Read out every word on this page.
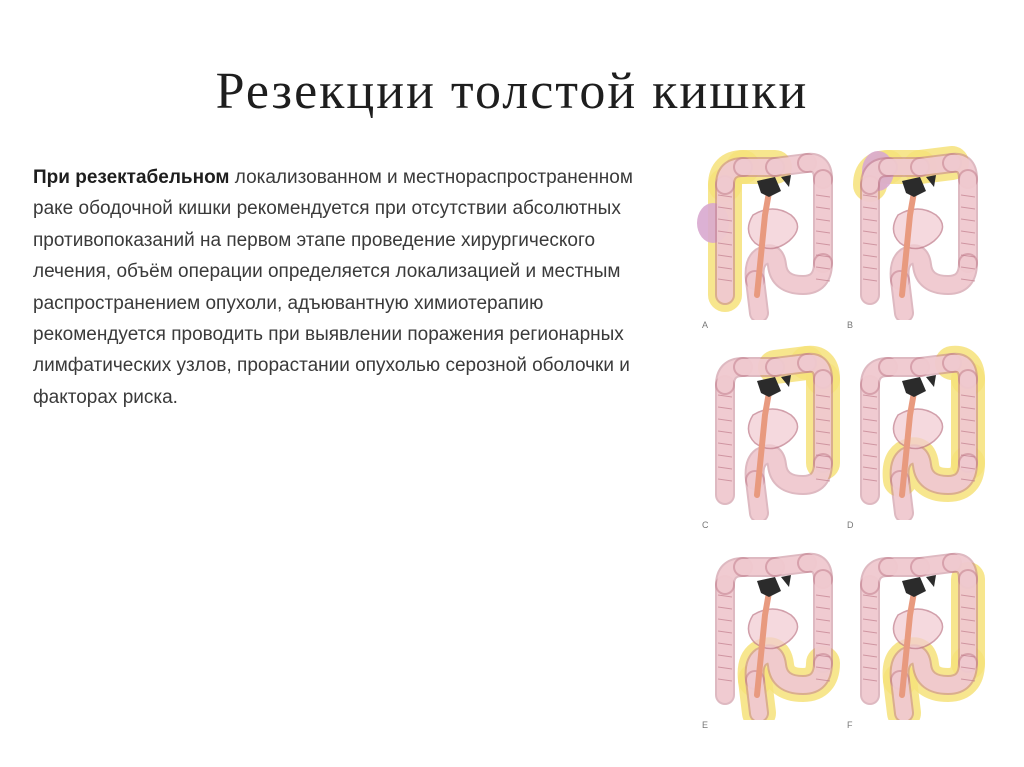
Резекции толстой кишки

При резектабельном локализованном и местнораспространенном раке ободочной кишки рекомендуется при отсутствии абсолютных противопоказаний на первом этапе проведение хирургического лечения, объём операции определяется локализацией и местным распространением опухоли, адъювантную химиотерапию рекомендуется проводить при выявлении поражения регионарных лимфатических узлов, прорастании опухолью серозной оболочки и факторах риска.

A	B
C	D
E	F
